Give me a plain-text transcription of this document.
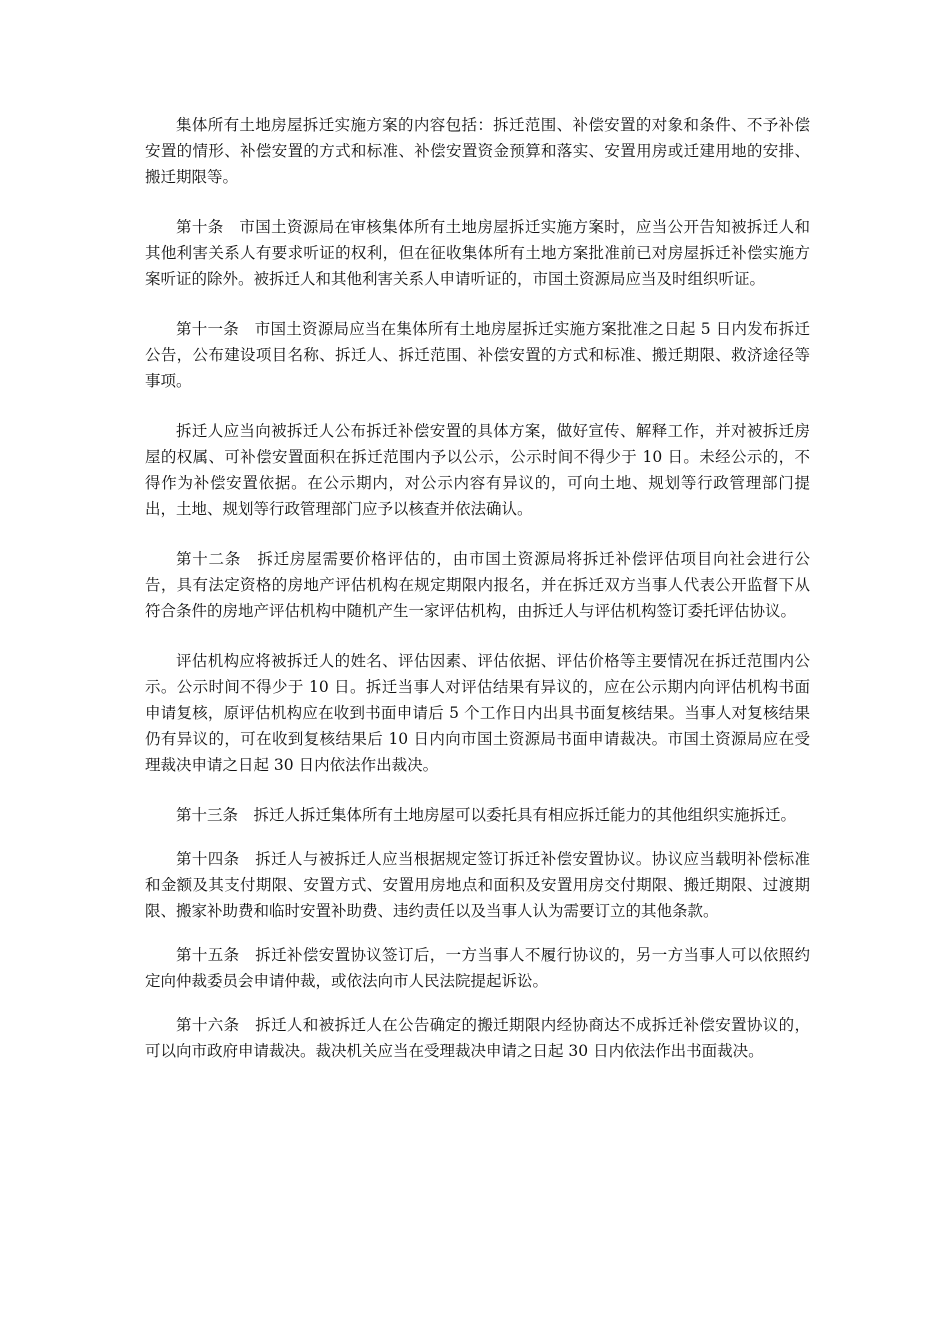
集体所有土地房屋拆迁实施方案的内容包括：拆迁范围、补偿安置的对象和条件、不予补偿安置的情形、补偿安置的方式和标准、补偿安置资金预算和落实、安置用房或迁建用地的安排、搬迁期限等。

第十条　市国土资源局在审核集体所有土地房屋拆迁实施方案时，应当公开告知被拆迁人和其他利害关系人有要求听证的权利，但在征收集体所有土地方案批准前已对房屋拆迁补偿实施方案听证的除外。被拆迁人和其他利害关系人申请听证的，市国土资源局应当及时组织听证。

第十一条　市国土资源局应当在集体所有土地房屋拆迁实施方案批准之日起 5 日内发布拆迁公告，公布建设项目名称、拆迁人、拆迁范围、补偿安置的方式和标准、搬迁期限、救济途径等事项。

拆迁人应当向被拆迁人公布拆迁补偿安置的具体方案，做好宣传、解释工作，并对被拆迁房屋的权属、可补偿安置面积在拆迁范围内予以公示，公示时间不得少于 10 日。未经公示的，不得作为补偿安置依据。在公示期内，对公示内容有异议的，可向土地、规划等行政管理部门提出，土地、规划等行政管理部门应予以核查并依法确认。

第十二条　拆迁房屋需要价格评估的，由市国土资源局将拆迁补偿评估项目向社会进行公告，具有法定资格的房地产评估机构在规定期限内报名，并在拆迁双方当事人代表公开监督下从符合条件的房地产评估机构中随机产生一家评估机构，由拆迁人与评估机构签订委托评估协议。

评估机构应将被拆迁人的姓名、评估因素、评估依据、评估价格等主要情况在拆迁范围内公示。公示时间不得少于 10 日。拆迁当事人对评估结果有异议的，应在公示期内向评估机构书面申请复核，原评估机构应在收到书面申请后 5 个工作日内出具书面复核结果。当事人对复核结果仍有异议的，可在收到复核结果后 10 日内向市国土资源局书面申请裁决。市国土资源局应在受理裁决申请之日起 30 日内依法作出裁决。

第十三条　拆迁人拆迁集体所有土地房屋可以委托具有相应拆迁能力的其他组织实施拆迁。

第十四条　拆迁人与被拆迁人应当根据规定签订拆迁补偿安置协议。协议应当载明补偿标准和金额及其支付期限、安置方式、安置用房地点和面积及安置用房交付期限、搬迁期限、过渡期限、搬家补助费和临时安置补助费、违约责任以及当事人认为需要订立的其他条款。

第十五条　拆迁补偿安置协议签订后，一方当事人不履行协议的，另一方当事人可以依照约定向仲裁委员会申请仲裁，或依法向市人民法院提起诉讼。

第十六条　拆迁人和被拆迁人在公告确定的搬迁期限内经协商达不成拆迁补偿安置协议的，可以向市政府申请裁决。裁决机关应当在受理裁决申请之日起 30 日内依法作出书面裁决。
